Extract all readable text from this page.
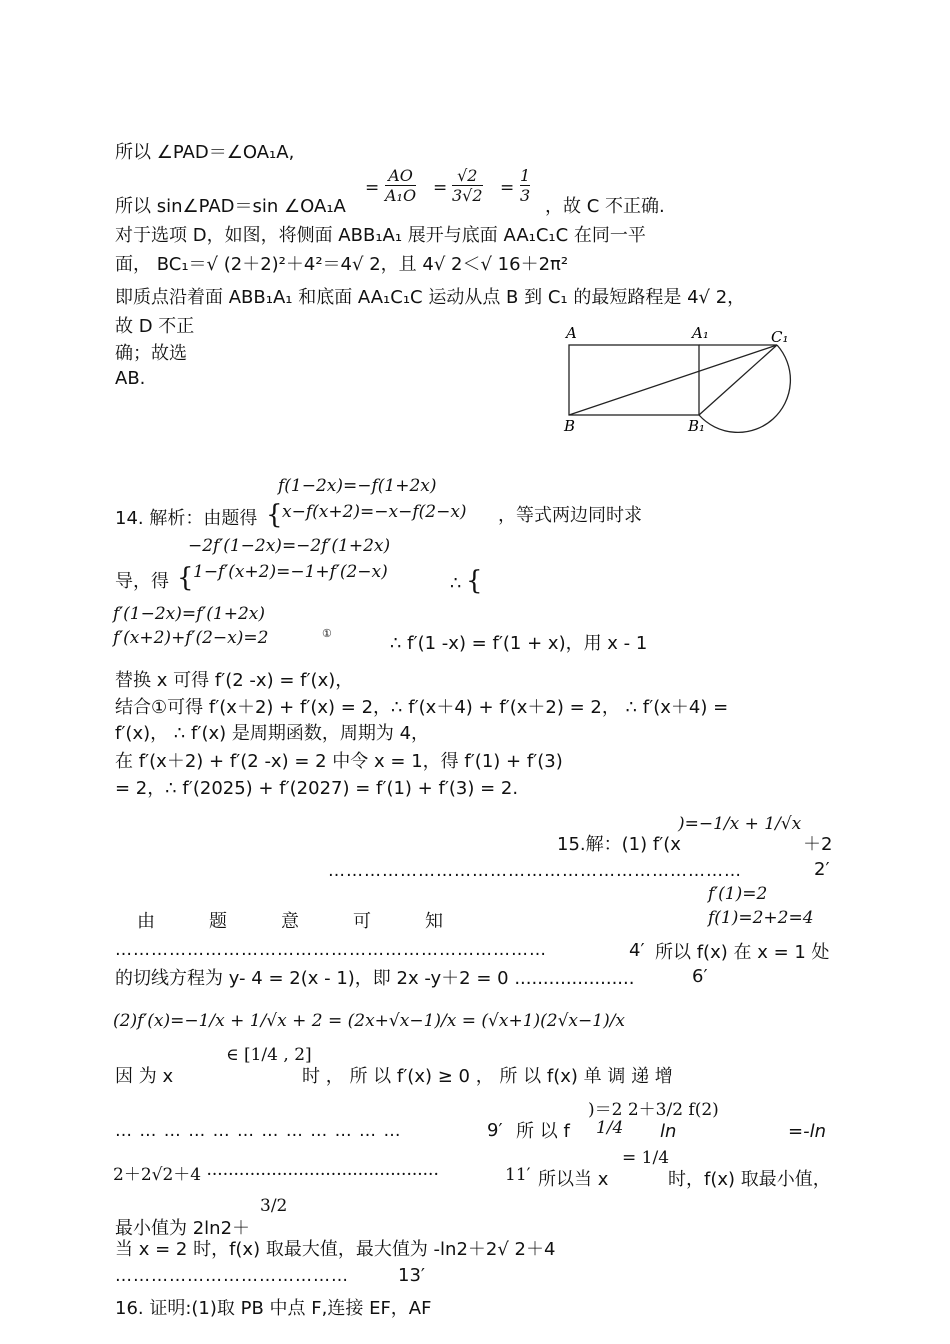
所以 ∠PAD＝∠OA₁A,
=
AO
A₁O =
√2
3√2 =
1
3
所以 sin∠PAD＝sin ∠OA₁A	，故 C 不正确.
对于选项 D，如图，将侧面 ABB₁A₁ 展开与底面 AA₁C₁C 在同一平
面， BC₁＝√ (2＋2)²＋4²＝4√ 2，且 4√ 2＜√ 16＋2π²
即质点沿着面 ABB₁A₁ 和底面 AA₁C₁C 运动从点 B 到 C₁ 的最短路程是 4√ 2，
故 D 不正
确；故选
AB.
A	A₁	C₁
B	B₁
f(1−2x)=−f(1+2x)
{ x−f(x+2)=−x−f(2−x)
14. 解析：由题得	，等式两边同时求
−2f′(1−2x)=−2f′(1+2x)
{ 1−f′(x+2)=−1+f′(2−x)
导，得	∴ {
f′(1−2x)=f′(1+2x)
f′(x+2)+f′(2−x)=2	①	∴ f′(1 -x) = f′(1 + x)，用 x - 1
替换 x 可得 f′(2 -x) = f′(x)，
结合①可得 f′(x＋2) + f′(x) = 2，∴ f′(x＋4) + f′(x＋2) = 2， ∴ f′(x＋4) =
f′(x)， ∴ f′(x) 是周期函数，周期为 4，
在 f′(x＋2) + f′(2 -x) = 2 中令 x = 1，得 f′(1) + f′(3)
= 2，∴ f′(2025) + f′(2027) = f′(1) + f′(3) = 2.
)=−1/x + 1/√x
15.解：(1) f′(x	＋2
……………………………………………………………	2′
f′(1)=2
f(1)=2+2=4
由　　　题　　　意　　　可　　　知
………………………………………………………………	4′ 所以 f(x) 在 x = 1 处
的切线方程为 y- 4 = 2(x - 1)，即 2x -y＋2 = 0 .....................	6′
(2)f′(x)=−1/x + 1/√x + 2 = (2x+√x−1)/x = (√x+1)(2√x−1)/x
∈ [1/4 , 2]
因 为 x	时 ， 所 以 f′(x) ≥ 0 ， 所 以 f(x) 单 调 递 增
)＝2 2＋3/2 f(2)
… … … … … … … … … … … …	9′ 所 以 f 1/4 ln	=-ln
2＋2√2＋4 ···········································	11′ 所以当 x
= 1/4
时，f(x) 取最小值，
3/2
最小值为 2ln2＋
当 x = 2 时，f(x) 取最大值，最大值为 -ln2＋2√ 2＋4
…………………………………	13′
16. 证明:(1)取 PB 中点 F,连接 EF，AF
